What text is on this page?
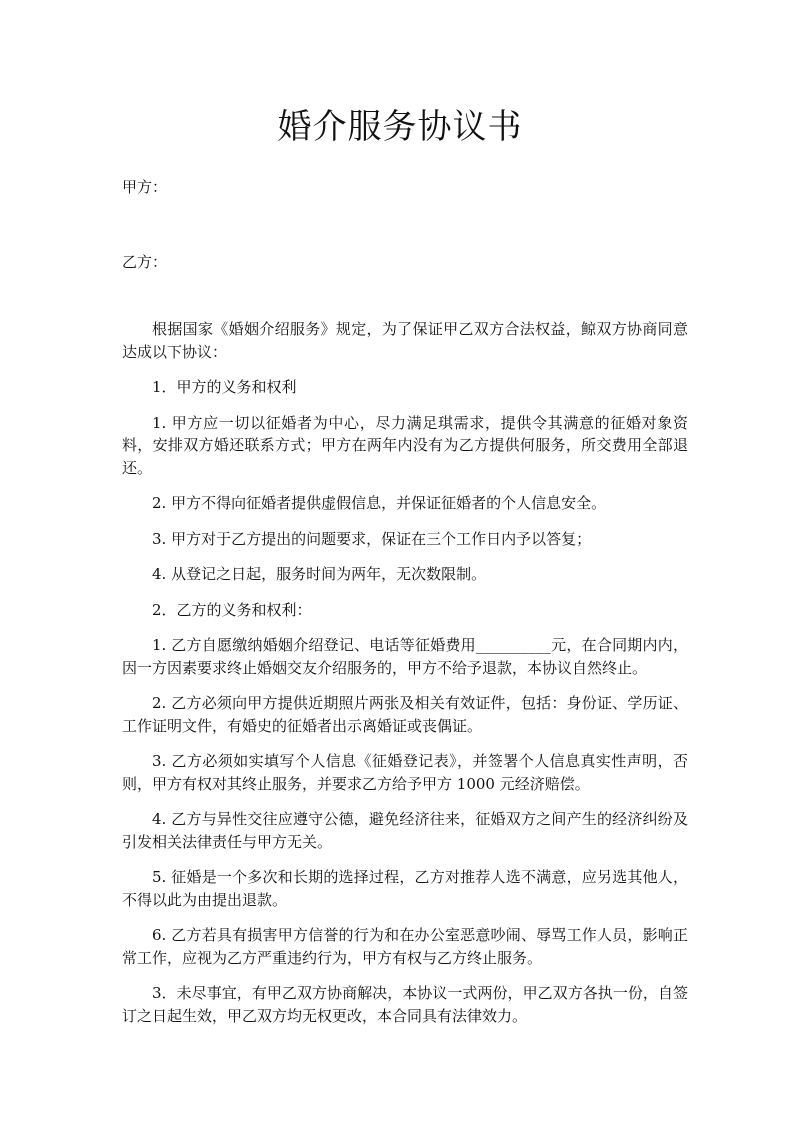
婚介服务协议书

甲方：

乙方：

根据国家《婚姻介绍服务》规定，为了保证甲乙双方合法权益，鲸双方协商同意达成以下协议：

1．甲方的义务和权利

1. 甲方应一切以征婚者为中心，尽力满足琪需求，提供令其满意的征婚对象资料，安排双方婚还联系方式；甲方在两年内没有为乙方提供何服务，所交费用全部退还。

2. 甲方不得向征婚者提供虚假信息，并保证征婚者的个人信息安全。

3. 甲方对于乙方提出的问题要求，保证在三个工作日内予以答复；

4. 从登记之日起，服务时间为两年，无次数限制。

2．乙方的义务和权利：

1. 乙方自愿缴纳婚姻介绍登记、电话等征婚费用__________元，在合同期内内，因一方因素要求终止婚姻交友介绍服务的，甲方不给予退款，本协议自然终止。

2. 乙方必须向甲方提供近期照片两张及相关有效证件，包括：身份证、学历证、工作证明文件，有婚史的征婚者出示离婚证或丧偶证。

3. 乙方必须如实填写个人信息《征婚登记表》，并签署个人信息真实性声明，否则，甲方有权对其终止服务，并要求乙方给予甲方 1000 元经济赔偿。

4. 乙方与异性交往应遵守公德，避免经济往来，征婚双方之间产生的经济纠纷及引发相关法律责任与甲方无关。

5. 征婚是一个多次和长期的选择过程，乙方对推荐人选不满意，应另选其他人，不得以此为由提出退款。

6. 乙方若具有损害甲方信誉的行为和在办公室恶意吵闹、辱骂工作人员，影响正常工作，应视为乙方严重违约行为，甲方有权与乙方终止服务。

3．未尽事宜，有甲乙双方协商解决，本协议一式两份，甲乙双方各执一份，自签订之日起生效，甲乙双方均无权更改，本合同具有法律效力。
